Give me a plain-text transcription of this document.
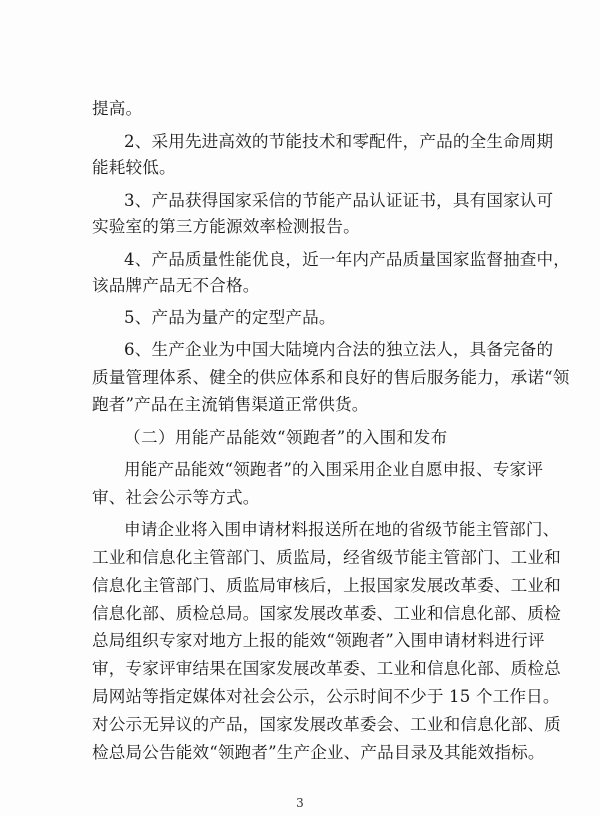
提高。
2、采用先进高效的节能技术和零配件，产品的全生命周期
能耗较低。
3、产品获得国家采信的节能产品认证证书，具有国家认可
实验室的第三方能源效率检测报告。
4、产品质量性能优良，近一年内产品质量国家监督抽查中，
该品牌产品无不合格。
5、产品为量产的定型产品。
6、生产企业为中国大陆境内合法的独立法人，具备完备的
质量管理体系、健全的供应体系和良好的售后服务能力，承诺“领
跑者”产品在主流销售渠道正常供货。
（二）用能产品能效“领跑者”的入围和发布
用能产品能效“领跑者”的入围采用企业自愿申报、专家评
审、社会公示等方式。
申请企业将入围申请材料报送所在地的省级节能主管部门、
工业和信息化主管部门、质监局，经省级节能主管部门、工业和
信息化主管部门、质监局审核后，上报国家发展改革委、工业和
信息化部、质检总局。国家发展改革委、工业和信息化部、质检
总局组织专家对地方上报的能效“领跑者”入围申请材料进行评
审，专家评审结果在国家发展改革委、工业和信息化部、质检总
局网站等指定媒体对社会公示，公示时间不少于 15 个工作日。
对公示无异议的产品，国家发展改革委会、工业和信息化部、质
检总局公告能效“领跑者”生产企业、产品目录及其能效指标。
3
